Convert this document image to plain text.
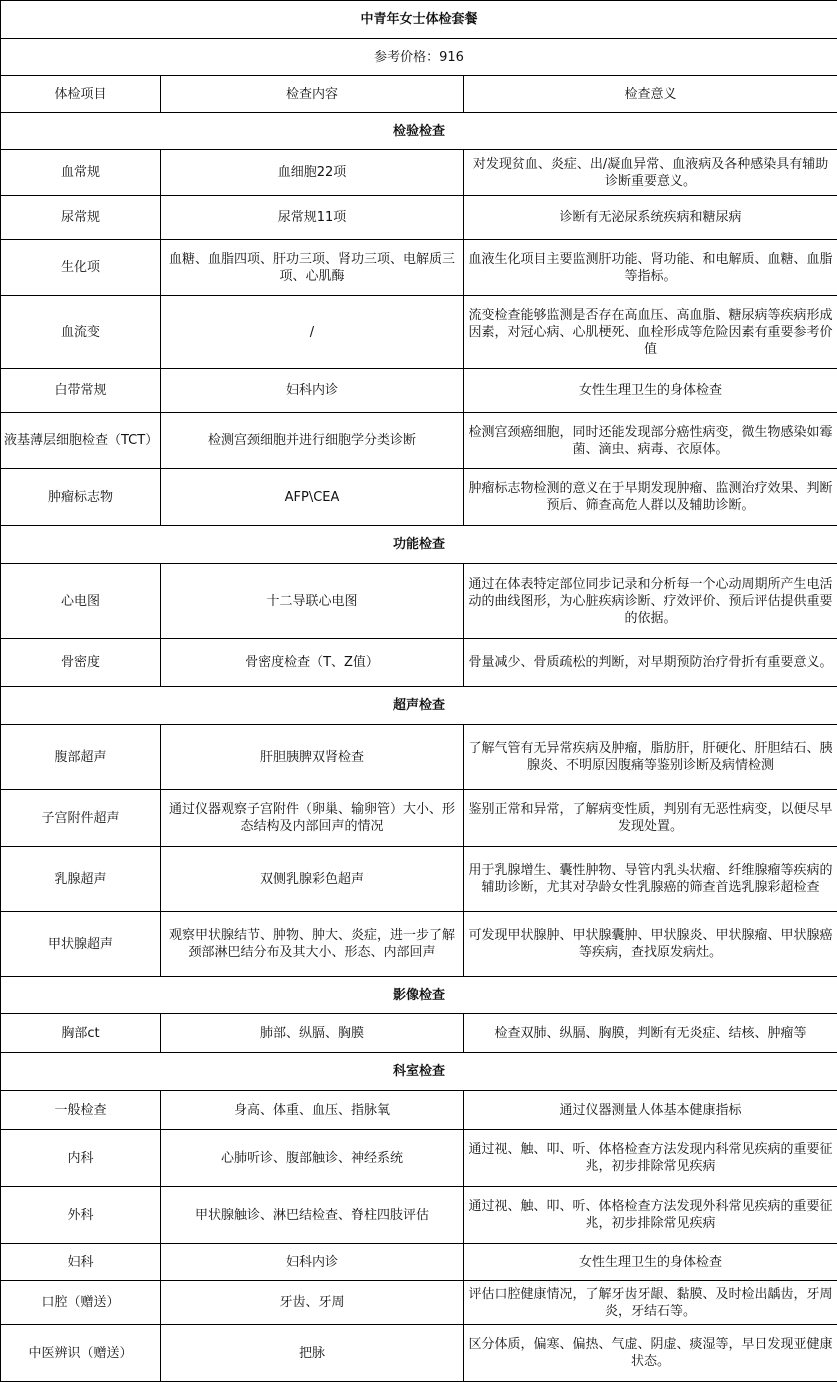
中青年女士体检套餐		
参考价格：916		
体检项目	检查内容	检查意义
检验检查		
血常规	血细胞22项	对发现贫血、炎症、出/凝血异常、血液病及各种感染具有辅助诊断重要意义。
尿常规	尿常规11项	诊断有无泌尿系统疾病和糖尿病
生化项	血糖、血脂四项、肝功三项、肾功三项、电解质三项、心肌酶	血液生化项目主要监测肝功能、肾功能、和电解质、血糖、血脂等指标。
血流变	/	流变检查能够监测是否存在高血压、高血脂、糖尿病等疾病形成因素，对冠心病、心肌梗死、血栓形成等危险因素有重要参考价值
白带常规	妇科内诊	女性生理卫生的身体检查
液基薄层细胞检查（TCT）	检测宫颈细胞并进行细胞学分类诊断	检测宫颈癌细胞，同时还能发现部分癌性病变，微生物感染如霉菌、滴虫、病毒、衣原体。
肿瘤标志物	AFP\CEA	肿瘤标志物检测的意义在于早期发现肿瘤、监测治疗效果、判断预后、筛查高危人群以及辅助诊断。
功能检查		
心电图	十二导联心电图	通过在体表特定部位同步记录和分析每一个心动周期所产生电活动的曲线图形，为心脏疾病诊断、疗效评价、预后评估提供重要的依据。
骨密度	骨密度检查（T、Z值）	骨量减少、骨质疏松的判断，对早期预防治疗骨折有重要意义。
超声检查		
腹部超声	肝胆胰脾双肾检查	了解气管有无异常疾病及肿瘤，脂肪肝，肝硬化、肝胆结石、胰腺炎、不明原因腹痛等鉴别诊断及病情检测
子宫附件超声	通过仪器观察子宫附件（卵巢、输卵管）大小、形态结构及内部回声的情况	鉴别正常和异常，了解病变性质，判别有无恶性病变，以便尽早发现处置。
乳腺超声	双侧乳腺彩色超声	用于乳腺增生、囊性肿物、导管内乳头状瘤、纤维腺瘤等疾病的辅助诊断，尤其对孕龄女性乳腺癌的筛查首选乳腺彩超检查
甲状腺超声	观察甲状腺结节、肿物、肿大、炎症，进一步了解颈部淋巴结分布及其大小、形态、内部回声	可发现甲状腺肿、甲状腺囊肿、甲状腺炎、甲状腺瘤、甲状腺癌等疾病，查找原发病灶。
影像检查		
胸部ct	肺部、纵膈、胸膜	检查双肺、纵膈、胸膜，判断有无炎症、结核、肿瘤等
科室检查		
一般检查	身高、体重、血压、指脉氧	通过仪器测量人体基本健康指标
内科	心肺听诊、腹部触诊、神经系统	通过视、触、叩、听、体格检查方法发现内科常见疾病的重要征兆，初步排除常见疾病
外科	甲状腺触诊、淋巴结检查、脊柱四肢评估	通过视、触、叩、听、体格检查方法发现外科常见疾病的重要征兆，初步排除常见疾病
妇科	妇科内诊	女性生理卫生的身体检查
口腔（赠送）	牙齿、牙周	评估口腔健康情况，了解牙齿牙龈、黏膜、及时检出龋齿，牙周炎，牙结石等。
中医辨识（赠送）	把脉	区分体质，偏寒、偏热、气虚、阴虚、痰湿等，早日发现亚健康状态。
